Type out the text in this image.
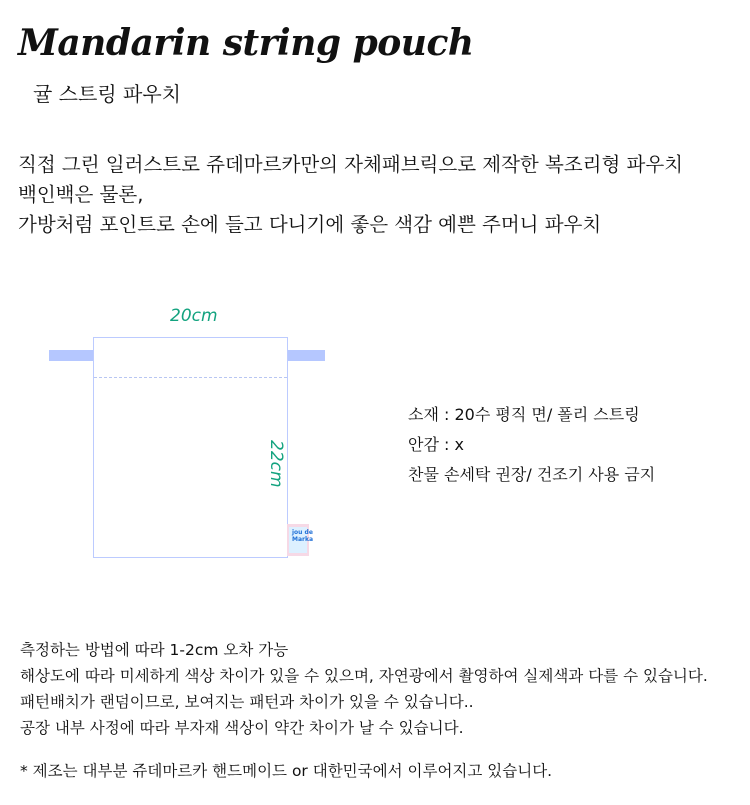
Mandarin string pouch
귤 스트링 파우치
직접 그린 일러스트로 쥬데마르카만의 자체패브릭으로 제작한 복조리형 파우치
백인백은 물론,
가방처럼 포인트로 손에 들고 다니기에 좋은 색감 예쁜 주머니 파우치
20cm
22cm
jou de
Marka
소재 : 20수 평직 면/ 폴리 스트링
안감 : x
찬물 손세탁 권장/ 건조기 사용 금지
측정하는 방법에 따라 1-2cm 오차 가능
해상도에 따라 미세하게 색상 차이가 있을 수 있으며, 자연광에서 촬영하여 실제색과 다를 수 있습니다.
패턴배치가 랜덤이므로, 보여지는 패턴과 차이가 있을 수 있습니다..
공장 내부 사정에 따라 부자재 색상이 약간 차이가 날 수 있습니다.
* 제조는 대부분 쥬데마르카 핸드메이드 or 대한민국에서 이루어지고 있습니다.
